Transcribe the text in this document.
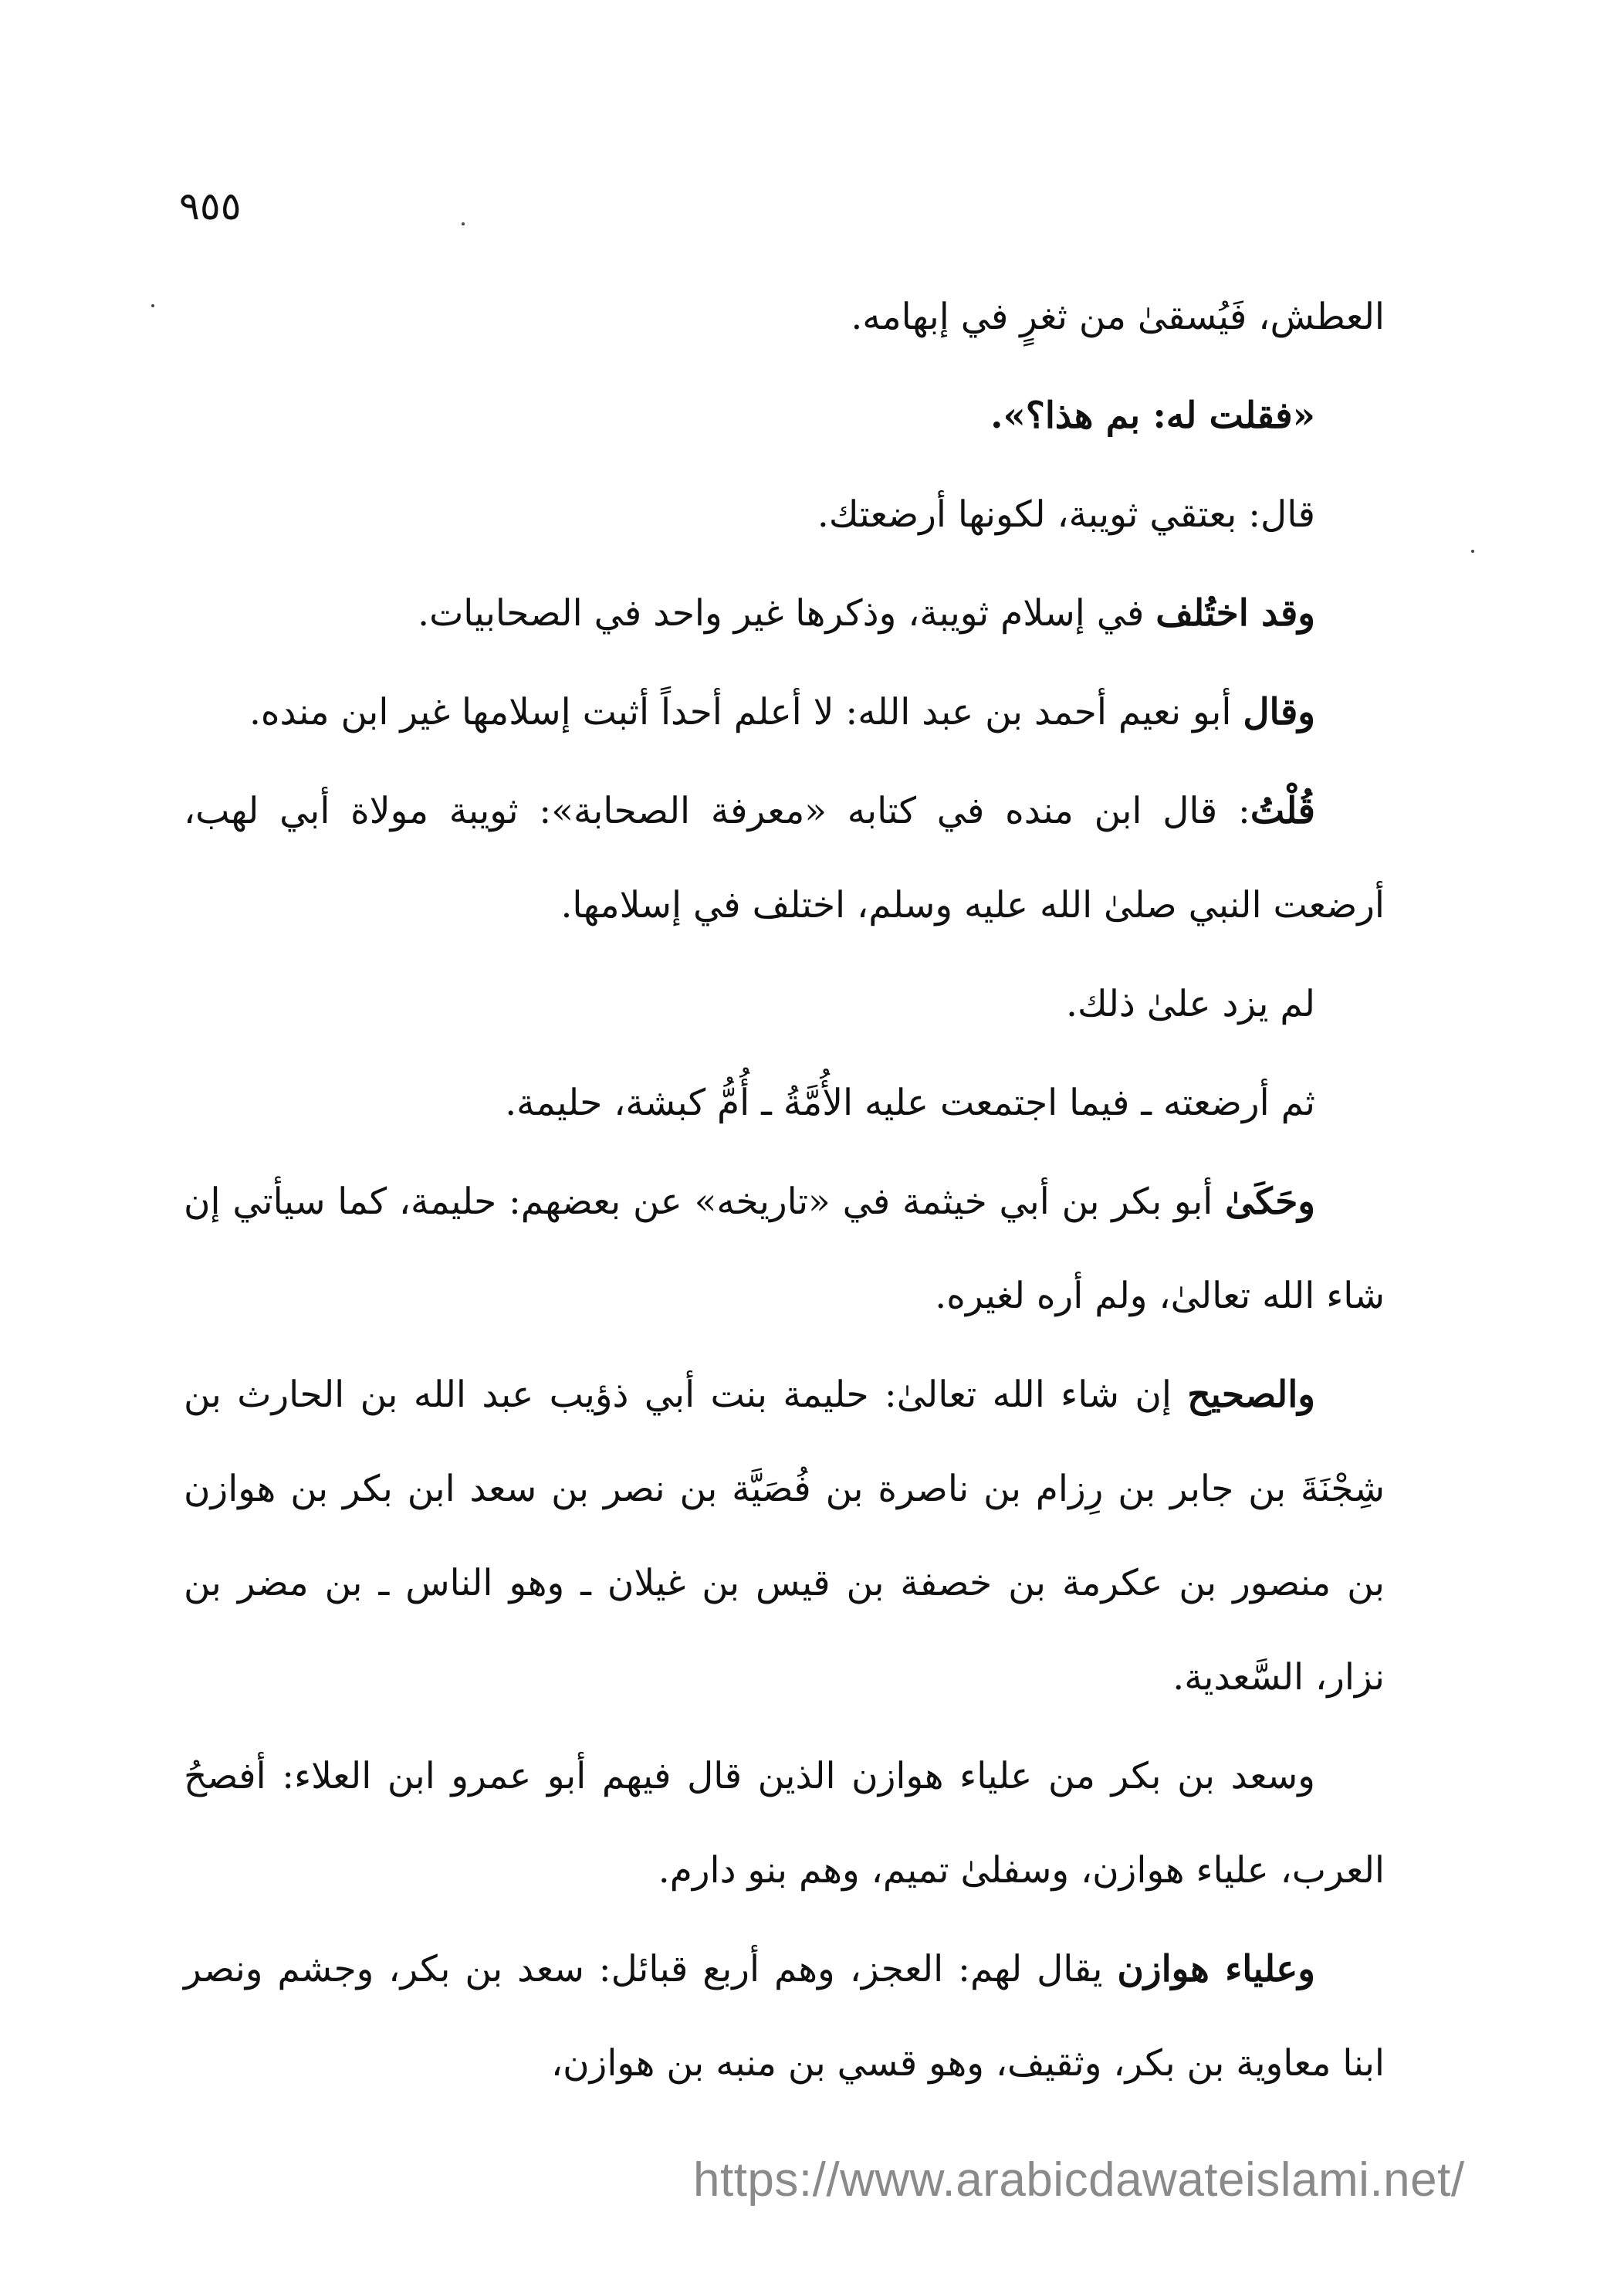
٩٥٥

العطش، فَيُسقىٰ من ثغرٍ في إبهامه.

«فقلت له: بم هذا؟».

قال: بعتقي ثويبة، لكونها أرضعتك.

وقد اختُلف في إسلام ثويبة، وذكرها غير واحد في الصحابيات.

وقال أبو نعيم أحمد بن عبد الله: لا أعلم أحداً أثبت إسلامها غير ابن منده.

قُلْتُ: قال ابن منده في كتابه «معرفة الصحابة»: ثويبة مولاة أبي لهب، أرضعت النبي صلىٰ الله عليه وسلم، اختلف في إسلامها.

لم يزد علىٰ ذلك.

ثم أرضعته ـ فيما اجتمعت عليه الأُمَّةُ ـ أُمُّ كبشة، حليمة.

وحَكَىٰ أبو بكر بن أبي خيثمة في «تاريخه» عن بعضهم: حليمة، كما سيأتي إن شاء الله تعالىٰ، ولم أره لغيره.

والصحيح إن شاء الله تعالىٰ: حليمة بنت أبي ذؤيب عبد الله بن الحارث بن شِجْنَةَ بن جابر بن رِزام بن ناصرة بن فُصَيَّة بن نصر بن سعد ابن بكر بن هوازن بن منصور بن عكرمة بن خصفة بن قيس بن غيلان ـ وهو الناس ـ بن مضر بن نزار، السَّعدية.

وسعد بن بكر من علياء هوازن الذين قال فيهم أبو عمرو ابن العلاء: أفصحُ العرب، علياء هوازن، وسفلىٰ تميم، وهم بنو دارم.

وعلياء هوازن يقال لهم: العجز، وهم أربع قبائل: سعد بن بكر، وجشم ونصر ابنا معاوية بن بكر، وثقيف، وهو قسي بن منبه بن هوازن،

https://www.arabicdawateislami.net/
